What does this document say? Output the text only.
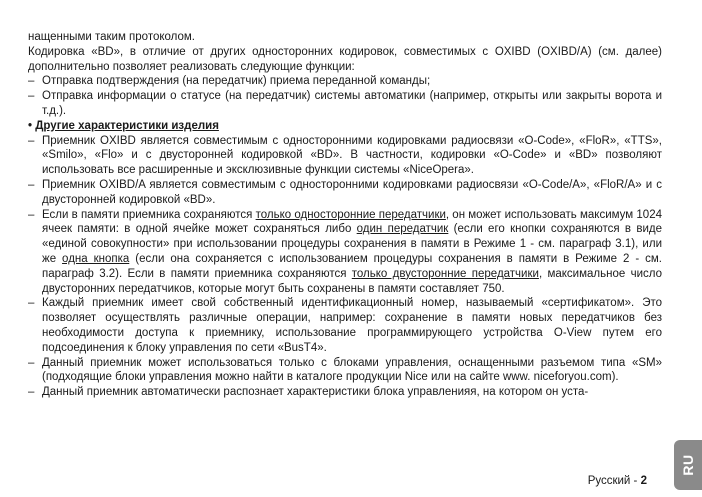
нащенными таким протоколом.

Кодировка «BD», в отличие от других односторонних кодировок, совместимых с OXIBD (OXIBD/A) (см. далее) дополнительно позволяет реализовать следующие функции:

– Отправка подтверждения (на передатчик) приема переданной команды;
– Отправка информации о статусе (на передатчик) системы автоматики (например, открыты или закрыты ворота и т.д.).

• Другие характеристики изделия

– Приемник OXIBD является совместимым с односторонними кодировками радиосвязи «O-Code», «FloR», «TTS», «Smilo», «Flo» и с двусторонней кодировкой «BD». В частности, кодировки «O-Code» и «BD» позволяют использовать все расширенные и эксклюзивные функции системы «NiceOpera».
– Приемник OXIBD/A является совместимым с односторонними кодировками радиосвязи «O-Code/A», «FloR/A» и с двусторонней кодировкой «BD».
– Если в памяти приемника сохраняются только односторонние передатчики, он может использовать максимум 1024 ячеек памяти: в одной ячейке может сохраняться либо один передатчик (если его кнопки сохраняются в виде «единой совокупности» при использовании процедуры сохранения в памяти в Режиме 1 - см. параграф 3.1), или же одна кнопка (если она сохраняется с использованием процедуры сохранения в памяти в Режиме 2 - см. параграф 3.2). Если в памяти приемника сохраняются только двусторонние передатчики, максимальное число двусторонних передатчиков, которые могут быть сохранены в памяти составляет 750.
– Каждый приемник имеет свой собственный идентификационный номер, называемый «сертификатом». Это позволяет осуществлять различные операции, например: сохранение в памяти новых передатчиков без необходимости доступа к приемнику, использование программирующего устройства O-View путем его подсоединения к блоку управления по сети «BusT4».
– Данный приемник может использоваться только с блоками управления, оснащенными разъемом типа «SM» (подходящие блоки управления можно найти в каталоге продукции Nice или на сайте www. niceforyou.com).
– Данный приемник автоматически распознает характеристики блока управленияя, на котором он уста-
Русский - 2
RU
